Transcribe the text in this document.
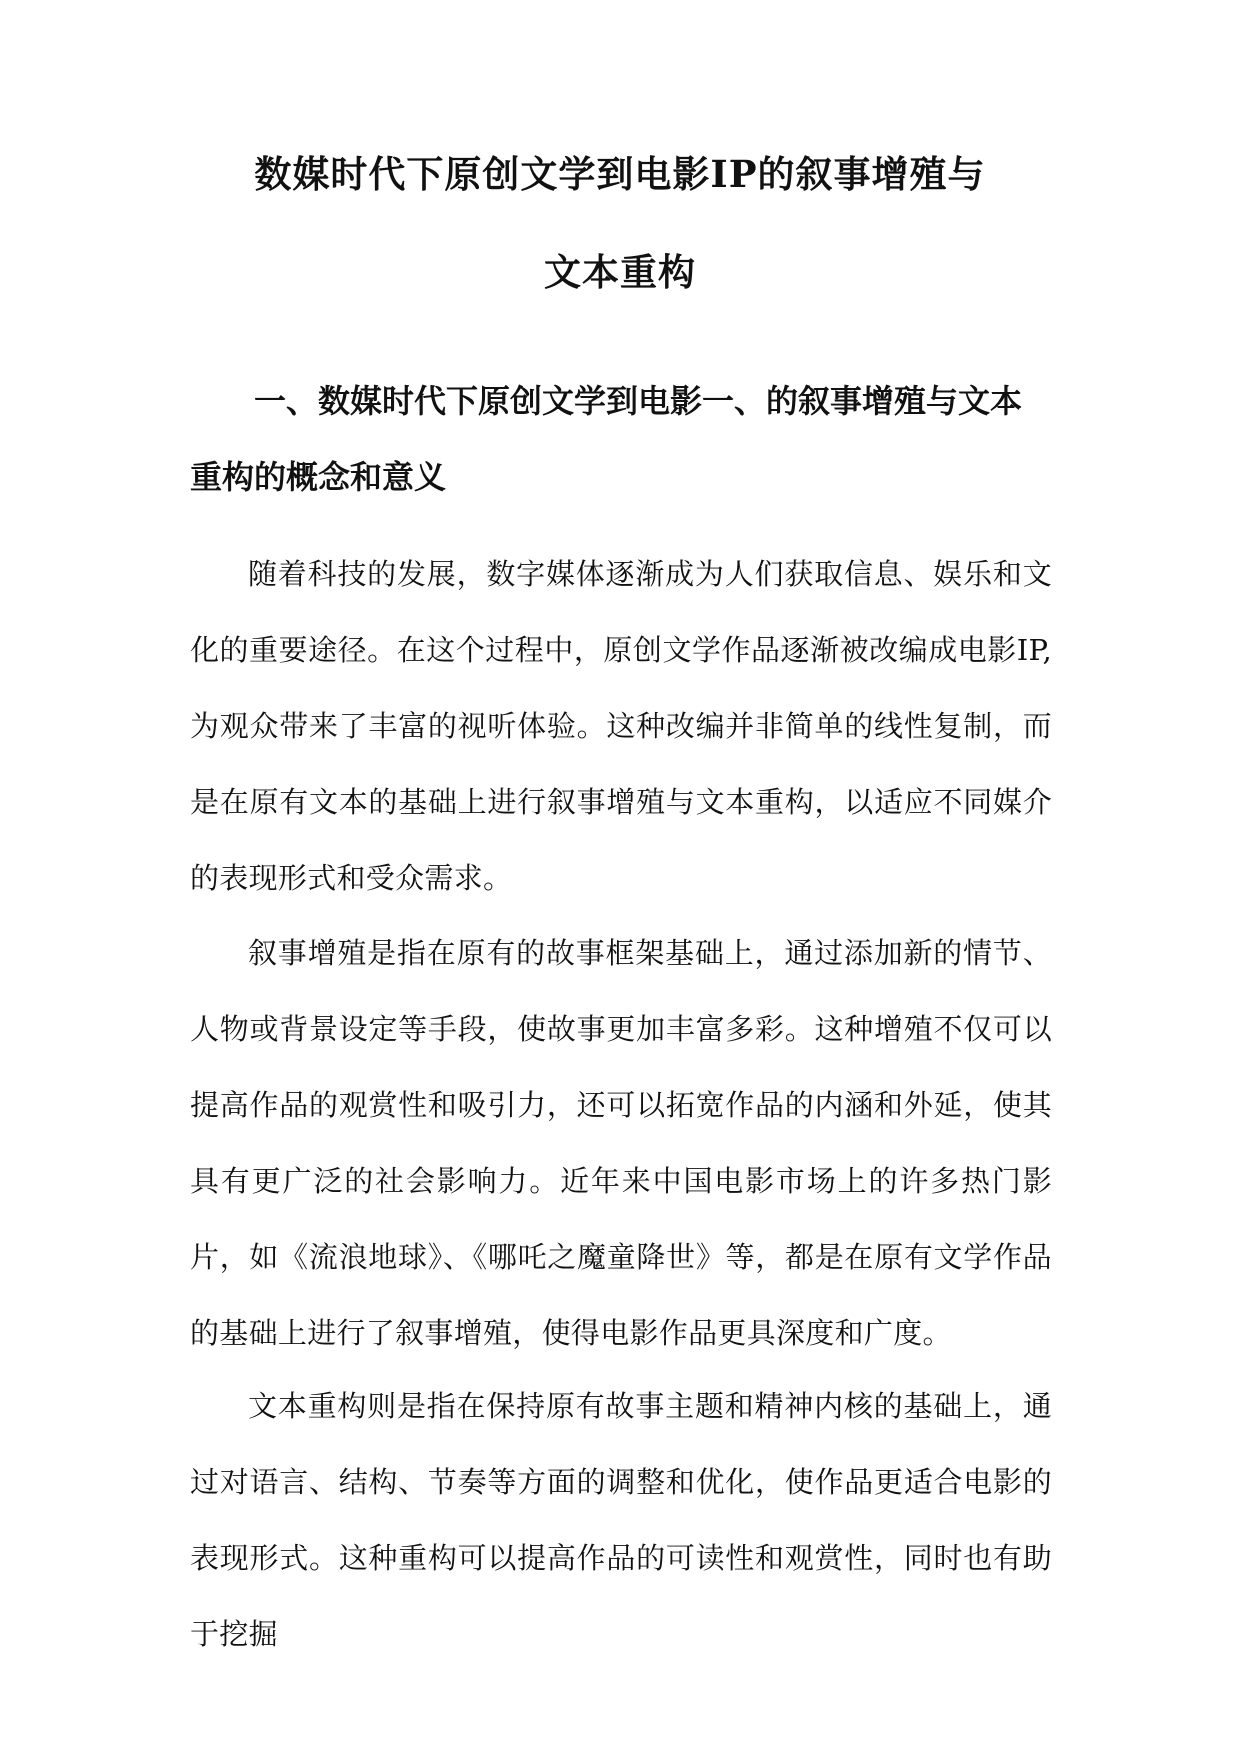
数媒时代下原创文学到电影IP的叙事增殖与
文本重构
一、数媒时代下原创文学到电影一、的叙事增殖与文本重构的概念和意义
随着科技的发展，数字媒体逐渐成为人们获取信息、娱乐和文化的重要途径。在这个过程中，原创文学作品逐渐被改编成电影IP,为观众带来了丰富的视听体验。这种改编并非简单的线性复制，而是在原有文本的基础上进行叙事增殖与文本重构，以适应不同媒介的表现形式和受众需求。
叙事增殖是指在原有的故事框架基础上，通过添加新的情节、人物或背景设定等手段，使故事更加丰富多彩。这种增殖不仅可以提高作品的观赏性和吸引力，还可以拓宽作品的内涵和外延，使其具有更广泛的社会影响力。近年来中国电影市场上的许多热门影片，如《流浪地球》、《哪吒之魔童降世》等，都是在原有文学作品的基础上进行了叙事增殖，使得电影作品更具深度和广度。
文本重构则是指在保持原有故事主题和精神内核的基础上，通过对语言、结构、节奏等方面的调整和优化，使作品更适合电影的表现形式。这种重构可以提高作品的可读性和观赏性，同时也有助于挖掘
